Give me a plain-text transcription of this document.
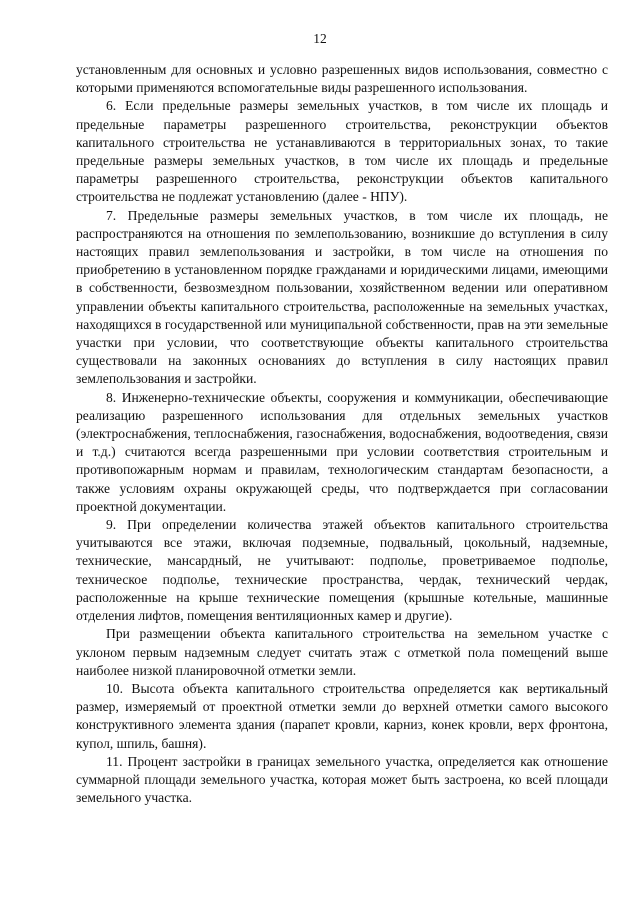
12

установленным для основных и условно разрешенных видов использования, совместно с которыми применяются вспомогательные виды разрешенного использования.

6. Если предельные размеры земельных участков, в том числе их площадь и предельные параметры разрешенного строительства, реконструкции объектов капитального строительства не устанавливаются в территориальных зонах, то такие предельные размеры земельных участков, в том числе их площадь и предельные параметры разрешенного строительства, реконструкции объектов капитального строительства не подлежат установлению (далее - НПУ).

7. Предельные размеры земельных участков, в том числе их площадь, не распространяются на отношения по землепользованию, возникшие до вступления в силу настоящих правил землепользования и застройки, в том числе на отношения по приобретению в установленном порядке гражданами и юридическими лицами, имеющими в собственности, безвозмездном пользовании, хозяйственном ведении или оперативном управлении объекты капитального строительства, расположенные на земельных участках, находящихся в государственной или муниципальной собственности, прав на эти земельные участки при условии, что соответствующие объекты капитального строительства существовали на законных основаниях до вступления в силу настоящих правил землепользования и застройки.

8. Инженерно-технические объекты, сооружения и коммуникации, обеспечивающие реализацию разрешенного использования для отдельных земельных участков (электроснабжения, теплоснабжения, газоснабжения, водоснабжения, водоотведения, связи и т.д.) считаются всегда разрешенными при условии соответствия строительным и противопожарным нормам и правилам, технологическим стандартам безопасности, а также условиям охраны окружающей среды, что подтверждается при согласовании проектной документации.

9. При определении количества этажей объектов капитального строительства учитываются все этажи, включая подземные, подвальный, цокольный, надземные, технические, мансардный, не учитывают: подполье, проветриваемое подполье, техническое подполье, технические пространства, чердак, технический чердак, расположенные на крыше технические помещения (крышные котельные, машинные отделения лифтов, помещения вентиляционных камер и другие).

При размещении объекта капитального строительства на земельном участке с уклоном первым надземным следует считать этаж с отметкой пола помещений выше наиболее низкой планировочной отметки земли.

10. Высота объекта капитального строительства определяется как вертикальный размер, измеряемый от проектной отметки земли до верхней отметки самого высокого конструктивного элемента здания (парапет кровли, карниз, конек кровли, верх фронтона, купол, шпиль, башня).

11. Процент застройки в границах земельного участка, определяется как отношение суммарной площади земельного участка, которая может быть застроена, ко всей площади земельного участка.
